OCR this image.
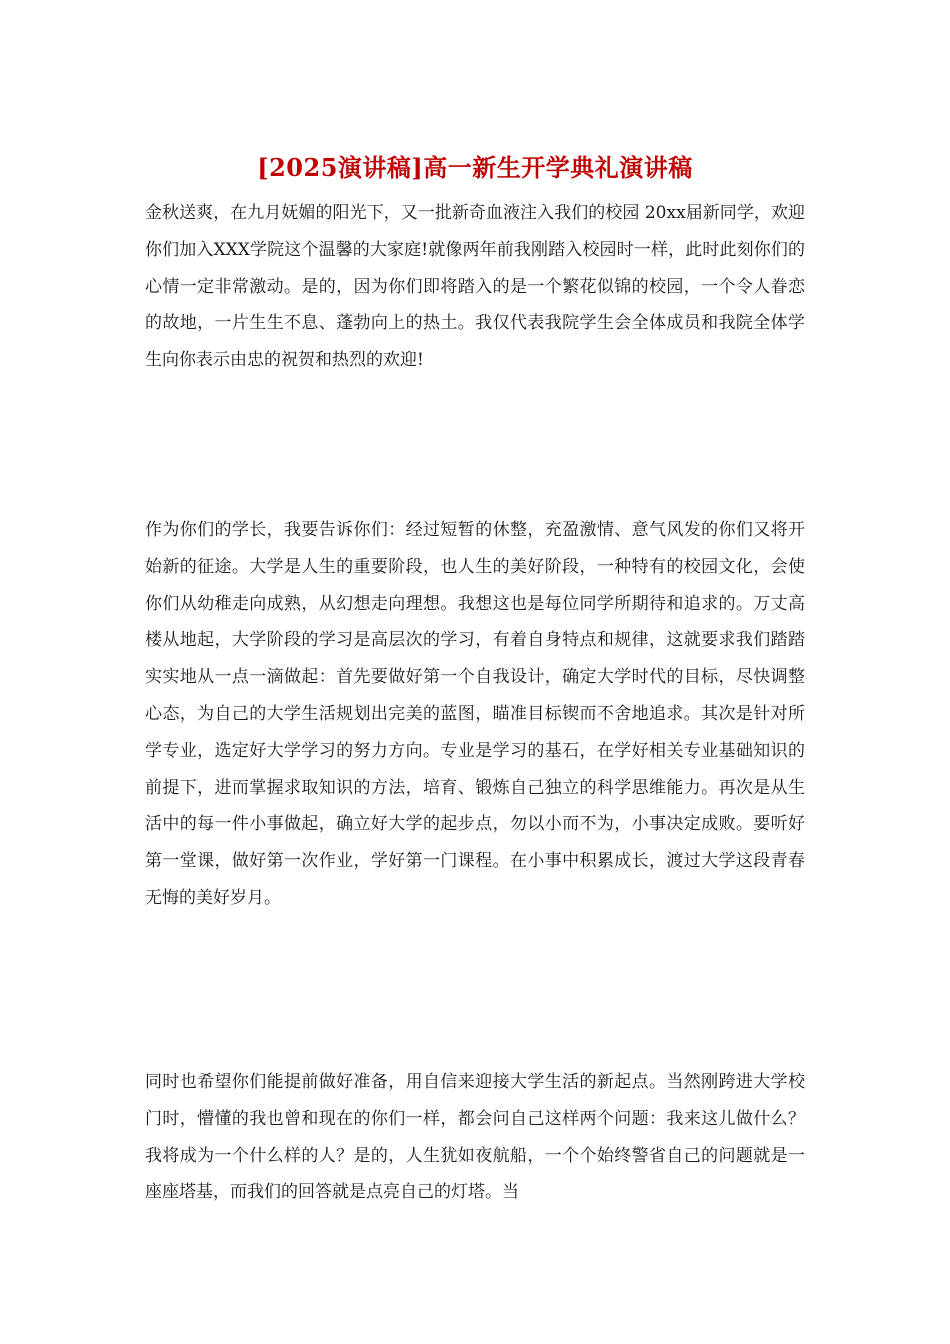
[2025演讲稿]高一新生开学典礼演讲稿
金秋送爽，在九月妩媚的阳光下，又一批新奇血液注入我们的校园 20xx届新同学，欢迎你们加入XXX学院这个温馨的大家庭!就像两年前我刚踏入校园时一样，此时此刻你们的心情一定非常激动。是的，因为你们即将踏入的是一个繁花似锦的校园，一个令人眷恋的故地，一片生生不息、蓬勃向上的热土。我仅代表我院学生会全体成员和我院全体学生向你表示由忠的祝贺和热烈的欢迎!
作为你们的学长，我要告诉你们：经过短暂的休整，充盈激情、意气风发的你们又将开始新的征途。大学是人生的重要阶段，也人生的美好阶段，一种特有的校园文化，会使你们从幼稚走向成熟，从幻想走向理想。我想这也是每位同学所期待和追求的。万丈高楼从地起，大学阶段的学习是高层次的学习，有着自身特点和规律，这就要求我们踏踏实实地从一点一滴做起：首先要做好第一个自我设计，确定大学时代的目标，尽快调整心态，为自己的大学生活规划出完美的蓝图，瞄准目标锲而不舍地追求。其次是针对所学专业，选定好大学学习的努力方向。专业是学习的基石，在学好相关专业基础知识的前提下，进而掌握求取知识的方法，培育、锻炼自己独立的科学思维能力。再次是从生活中的每一件小事做起，确立好大学的起步点，勿以小而不为，小事决定成败。要听好第一堂课，做好第一次作业，学好第一门课程。在小事中积累成长，渡过大学这段青春无悔的美好岁月。
同时也希望你们能提前做好准备，用自信来迎接大学生活的新起点。当然刚跨进大学校门时，懵懂的我也曾和现在的你们一样，都会问自己这样两个问题：我来这儿做什么？我将成为一个什么样的人？是的，人生犹如夜航船，一个个始终警省自己的问题就是一座座塔基，而我们的回答就是点亮自己的灯塔。当
